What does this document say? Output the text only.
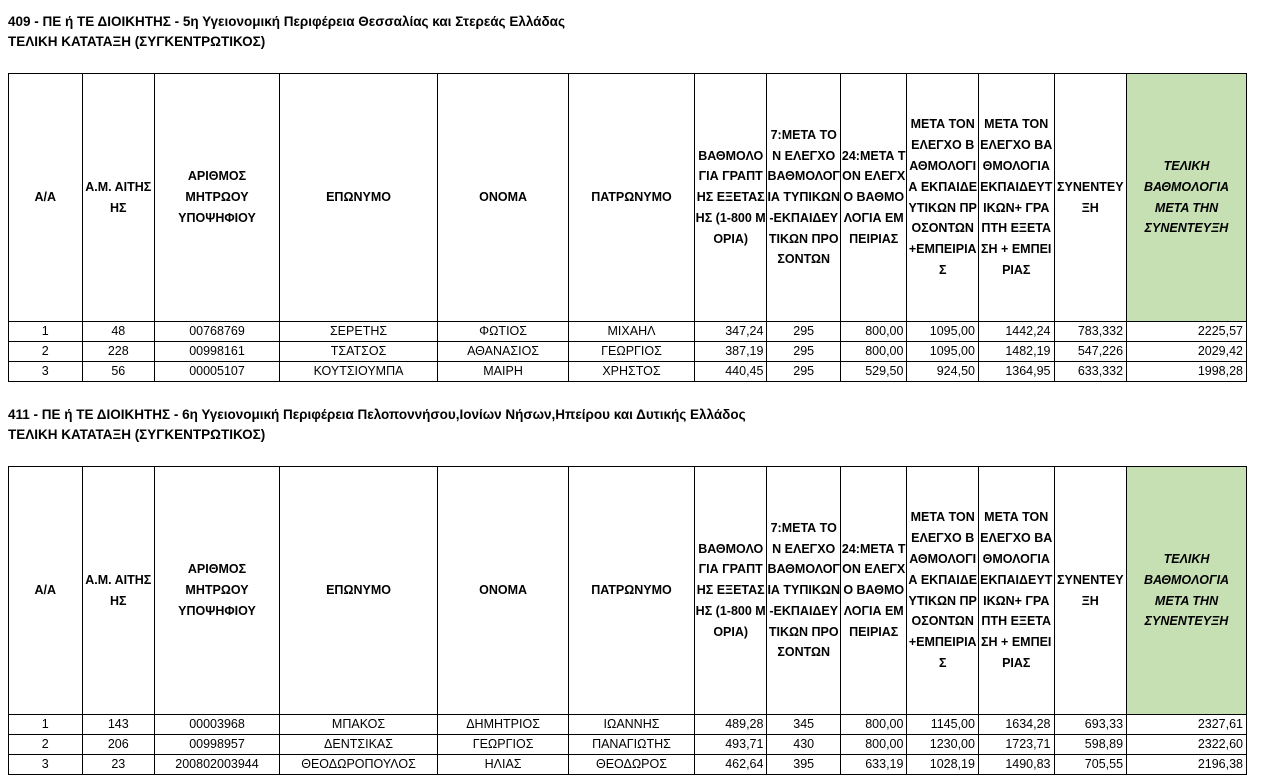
409 - ΠΕ ή ΤΕ ΔΙΟΙΚΗΤΗΣ - 5η Υγειονομική Περιφέρεια Θεσσαλίας και Στερεάς Ελλάδας
ΤΕΛΙΚΗ ΚΑΤΑΤΑΞΗ (ΣΥΓΚΕΝΤΡΩΤΙΚΟΣ)
Α/Α	Α.Μ. ΑΙΤΗΣΗΣ	ΑΡΙΘΜΟΣ ΜΗΤΡΩΟΥ ΥΠΟΨΗΦΙΟΥ	ΕΠΩΝΥΜΟ	ΟΝΟΜΑ	ΠΑΤΡΩΝΥΜΟ	ΒΑΘΜΟΛΟΓΙΑ ΓΡΑΠΤΗΣ ΕΞΕΤΑΣΗΣ (1-800 ΜΟΡΙΑ)	7:ΜΕΤΑ ΤΟΝ ΕΛΕΓΧΟ ΒΑΘΜΟΛΟΓΙΑ ΤΥΠΙΚΩΝ-ΕΚΠΑΙΔΕΥΤΙΚΩΝ ΠΡΟΣΟΝΤΩΝ	24:ΜΕΤΑ ΤΟΝ ΕΛΕΓΧΟ ΒΑΘΜΟΛΟΓΙΑ ΕΜΠΕΙΡΙΑΣ	ΜΕΤΑ ΤΟΝ ΕΛΕΓΧΟ ΒΑΘΜΟΛΟΓΙΑ ΕΚΠΑΙΔΕΥΤΙΚΩΝ ΠΡΟΣΟΝΤΩΝ +ΕΜΠΕΙΡΙΑΣ	ΜΕΤΑ ΤΟΝ ΕΛΕΓΧΟ ΒΑΘΜΟΛΟΓΙΑ ΕΚΠΑΙΔΕΥΤΙΚΩΝ+ ΓΡΑΠΤΗ ΕΞΕΤΑΣΗ + ΕΜΠΕΙΡΙΑΣ	ΣΥΝΕΝΤΕΥΞΗ	ΤΕΛΙΚΗ ΒΑΘΜΟΛΟΓΙΑ ΜΕΤΑ ΤΗΝ ΣΥΝΕΝΤΕΥΞΗ
1	48	00768769	ΣΕΡΕΤΗΣ	ΦΩΤΙΟΣ	ΜΙΧΑΗΛ	347,24	295	800,00	1095,00	1442,24	783,332	2225,57
2	228	00998161	ΤΣΑΤΣΟΣ	ΑΘΑΝΑΣΙΟΣ	ΓΕΩΡΓΙΟΣ	387,19	295	800,00	1095,00	1482,19	547,226	2029,42
3	56	00005107	ΚΟΥΤΣΙΟΥΜΠΑ	ΜΑΙΡΗ	ΧΡΗΣΤΟΣ	440,45	295	529,50	924,50	1364,95	633,332	1998,28
411 - ΠΕ ή ΤΕ ΔΙΟΙΚΗΤΗΣ - 6η Υγειονομική Περιφέρεια Πελοποννήσου,Ιονίων Νήσων,Ηπείρου και Δυτικής Ελλάδος
ΤΕΛΙΚΗ ΚΑΤΑΤΑΞΗ (ΣΥΓΚΕΝΤΡΩΤΙΚΟΣ)
Α/Α	Α.Μ. ΑΙΤΗΣΗΣ	ΑΡΙΘΜΟΣ ΜΗΤΡΩΟΥ ΥΠΟΨΗΦΙΟΥ	ΕΠΩΝΥΜΟ	ΟΝΟΜΑ	ΠΑΤΡΩΝΥΜΟ	ΒΑΘΜΟΛΟΓΙΑ ΓΡΑΠΤΗΣ ΕΞΕΤΑΣΗΣ (1-800 ΜΟΡΙΑ)	7:ΜΕΤΑ ΤΟΝ ΕΛΕΓΧΟ ΒΑΘΜΟΛΟΓΙΑ ΤΥΠΙΚΩΝ-ΕΚΠΑΙΔΕΥΤΙΚΩΝ ΠΡΟΣΟΝΤΩΝ	24:ΜΕΤΑ ΤΟΝ ΕΛΕΓΧΟ ΒΑΘΜΟΛΟΓΙΑ ΕΜΠΕΙΡΙΑΣ	ΜΕΤΑ ΤΟΝ ΕΛΕΓΧΟ ΒΑΘΜΟΛΟΓΙΑ ΕΚΠΑΙΔΕΥΤΙΚΩΝ ΠΡΟΣΟΝΤΩΝ +ΕΜΠΕΙΡΙΑΣ	ΜΕΤΑ ΤΟΝ ΕΛΕΓΧΟ ΒΑΘΜΟΛΟΓΙΑ ΕΚΠΑΙΔΕΥΤΙΚΩΝ+ ΓΡΑΠΤΗ ΕΞΕΤΑΣΗ + ΕΜΠΕΙΡΙΑΣ	ΣΥΝΕΝΤΕΥΞΗ	ΤΕΛΙΚΗ ΒΑΘΜΟΛΟΓΙΑ ΜΕΤΑ ΤΗΝ ΣΥΝΕΝΤΕΥΞΗ
1	143	00003968	ΜΠΑΚΟΣ	ΔΗΜΗΤΡΙΟΣ	ΙΩΑΝΝΗΣ	489,28	345	800,00	1145,00	1634,28	693,33	2327,61
2	206	00998957	ΔΕΝΤΣΙΚΑΣ	ΓΕΩΡΓΙΟΣ	ΠΑΝΑΓΙΩΤΗΣ	493,71	430	800,00	1230,00	1723,71	598,89	2322,60
3	23	200802003944	ΘΕΟΔΩΡΟΠΟΥΛΟΣ	ΗΛΙΑΣ	ΘΕΟΔΩΡΟΣ	462,64	395	633,19	1028,19	1490,83	705,55	2196,38
